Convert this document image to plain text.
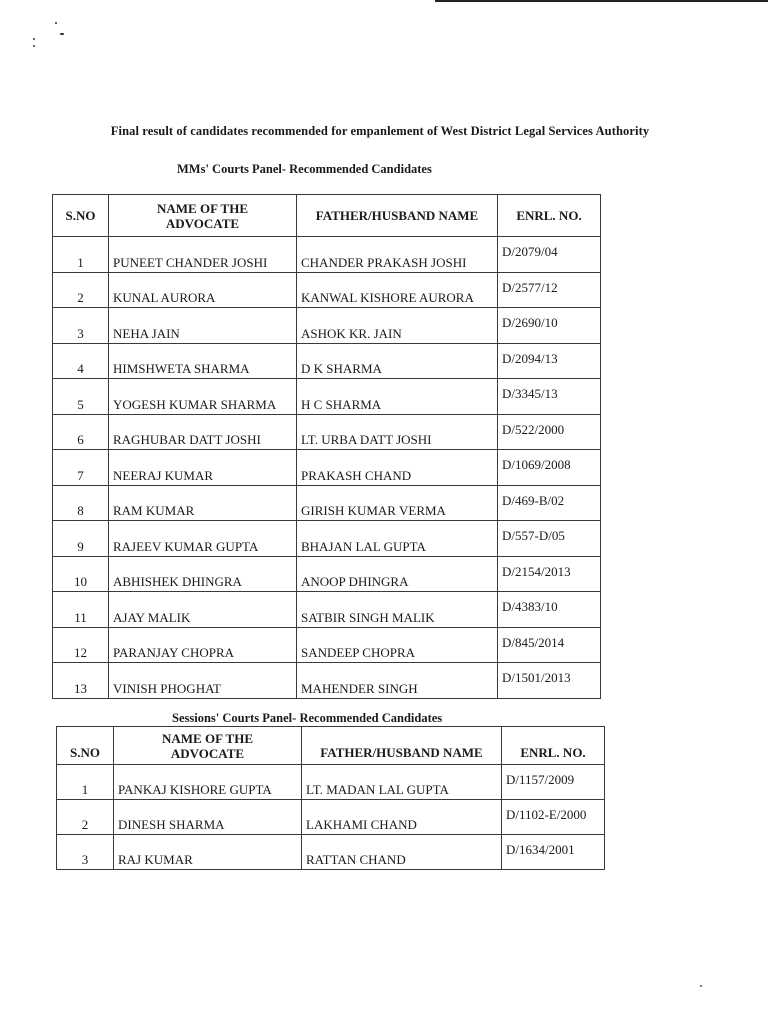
Final result of candidates recommended for empanlement of West District Legal Services Authority
MMs' Courts Panel- Recommended Candidates
S.NO	NAME OF THE ADVOCATE	FATHER/HUSBAND NAME	ENRL. NO.
1	PUNEET CHANDER JOSHI	CHANDER PRAKASH JOSHI	D/2079/04
2	KUNAL AURORA	KANWAL KISHORE AURORA	D/2577/12
3	NEHA JAIN	ASHOK KR. JAIN	D/2690/10
4	HIMSHWETA SHARMA	D K SHARMA	D/2094/13
5	YOGESH KUMAR SHARMA	H C SHARMA	D/3345/13
6	RAGHUBAR DATT JOSHI	LT. URBA DATT JOSHI	D/522/2000
7	NEERAJ KUMAR	PRAKASH CHAND	D/1069/2008
8	RAM KUMAR	GIRISH KUMAR VERMA	D/469-B/02
9	RAJEEV KUMAR GUPTA	BHAJAN LAL GUPTA	D/557-D/05
10	ABHISHEK DHINGRA	ANOOP DHINGRA	D/2154/2013
11	AJAY MALIK	SATBIR SINGH MALIK	D/4383/10
12	PARANJAY CHOPRA	SANDEEP CHOPRA	D/845/2014
13	VINISH PHOGHAT	MAHENDER SINGH	D/1501/2013
Sessions' Courts Panel- Recommended Candidates
S.NO	NAME OF THE ADVOCATE	FATHER/HUSBAND NAME	ENRL. NO.
1	PANKAJ KISHORE GUPTA	LT. MADAN LAL GUPTA	D/1157/2009
2	DINESH SHARMA	LAKHAMI CHAND	D/1102-E/2000
3	RAJ KUMAR	RATTAN CHAND	D/1634/2001
